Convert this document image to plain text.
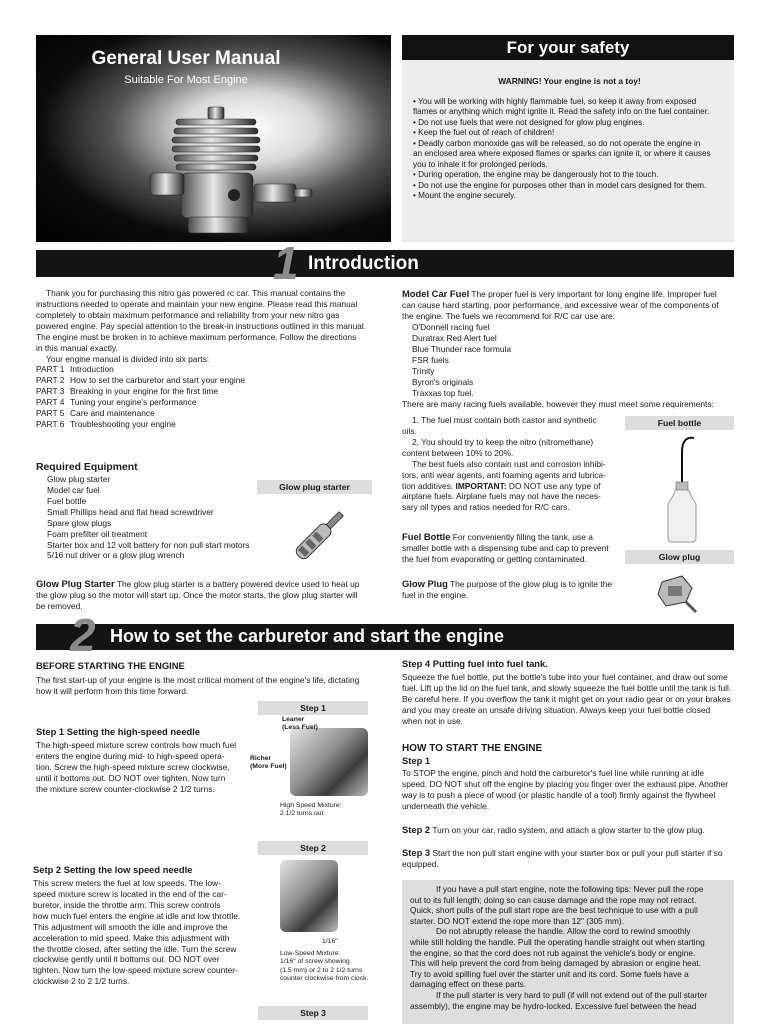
General User Manual
Suitable For Most Engine
For your safety
WARNING! Your engine is not a toy!
• You will be working with highly flammable fuel, so keep it away from exposed
flames or anything which might ignite it. Read the safety info on the fuel container.
• Do not use fuels that were not designed for glow plug engines.
• Keep the fuel out of reach of children!
• Deadly carbon monoxide gas will be released, so do not operate the engine in
an enclosed area where exposed flames or sparks can ignite it, or where it causes
you to inhale it for prolonged periods.
• During operation, the engine may be dangerously hot to the touch.
• Do not use the engine for purposes other than in model cars designed for them.
• Mount the engine securely.
1 Introduction

Thank you for purchasing this nitro gas powered rc car. This manual contains the

instructions needed to operate and maintain your new engine. Please read this manual

completely to obtain maximum performance and reliability from your new nitro gas

powered engine. Pay special attention to the break-in instructions outlined in this manual.

The engine must be broken in to achieve maximum performance. Follow the directions

in this manual exactly.

Your engine manual is divided into six parts:

PART 1 Introduction
PART 2 How to set the carburetor and start your engine
PART 3 Breaking in your engine for the first time
PART 4 Tuning your engine's performance
PART 5 Care and maintenance
PART 6 Troubleshooting your engine
Required Equipment
Glow plug starter
Model car fuel
Fuel bottle
Small Phillips head and flat head screwdriver
Spare glow plugs
Foam prefilter oil treatment
Starter box and 12 volt battery for non pull start motors
5/16 nut driver or a glow plug wrench
Glow plug starter

Glow Plug Starter The glow plug starter is a battery powered device used to heat up

the glow plug so the motor will start up. Once the motor starts, the glow plug starter will

be removed.

Model Car Fuel The proper fuel is very important for long engine life. Improper fuel

can cause hard starting, poor performance, and excessive wear of the components of

the engine. The fuels we recommend for R/C car use are:

O'Donnell racing fuel

Duratrax Red Alert fuel

Blue Thunder race formula

FSR fuels

Trinity

Byron's originals

Traxxas top fuel.

There are many racing fuels available, however they must meet some requirements:

1. The fuel must contain both castor and synthetic

oils.

2. You should try to keep the nitro (nitromethane)

content between 10% to 20%.

The best fuels also contain rust and corrosion inhibi-

tors, anti wear agents, anti foaming agents and lubrica-

tion additives. IMPORTANT: DO NOT use any type of

airplane fuels. Airplane fuels may not have the neces-

sary oil types and ratios needed for R/C cars.

Fuel bottle

Fuel Bottle For conveniently filling the tank, use a

smaller bottle with a dispensing tube and cap to prevent

the fuel from evaporating or getting contaminated.	Glow plug

Glow Plug The purpose of the glow plug is to ignite the

fuel in the engine.

2 How to set the carburetor and start the engine
BEFORE STARTING THE ENGINE

The first start-up of your engine is the most critical moment of the engine's life, dictating

how it will perform from this time forward.

Step 1 Setting the high-speed needle

The high-speed mixture screw controls how much fuel

enters the engine during mid- to high-speed opera-

tion. Screw the high-speed mixture screw clockwise,

until it bottoms out. DO NOT over tighten. Now turn

the mixture screw counter-clockwise 2 1/2 turns.

Step 1
Leaner
(Less Fuel)
Richer
(More Fuel)
High Speed Mixture:
2 1/2 turns out
Setp 2 Setting the low speed needle

This screw meters the fuel at low speeds. The low-

speed mixture screw is located in the end of the car-

buretor, inside the throttle arm. This screw controls

how much fuel enters the engine at idle and low throttle.

This adjustment will smooth the idle and improve the

acceleration to mid speed. Make this adjustment with

the throttle closed, after setting the idle. Turn the screw

clockwise gently until it bottoms out. DO NOT over

tighten. Now turn the low-speed mixture screw counter-

clockwise 2 to 2 1/2 turns.

Step 2
1/16"
Low-Speed Mixture:
1/16" of screw showing
(1.5 mm) or 2 to 2 1/2 turns
counter clockwise from clock.
Step 3
Step 4 Putting fuel into fuel tank.

Squeeze the fuel bottle, put the bottle's tube into your fuel container, and draw out some

fuel. Lift up the lid on the fuel tank, and slowly squeeze the fuel bottle until the tank is full.

Be careful here. If you overflow the tank it might get on your radio gear or on your brakes

and you may create an unsafe driving situation. Always keep your fuel bottle closed

when not in use.

HOW TO START THE ENGINE
Step 1

To STOP the engine, pinch and hold the carburetor's fuel line while running at idle

speed. DO NOT shut off the engine by placing you finger over the exhaust pipe. Another

way is to push a piece of wood (or plastic handle of a tool) firmly against the flywheel

underneath the vehicle.

Step 2 Turn on your car, radio system, and attach a glow starter to the glow plug.

Step 3 Start the non pull start engine with your starter box or pull your pull starter if so

equipped.

If you have a pull start engine, note the following tips: Never pull the rope

out to its full length; doing so can cause damage and the rope may not retract.

Quick, short pulls of the pull start rope are the best technique to use with a pull

starter. DO NOT extend the rope more than 12" (305 mm).

Do not abruptly release the handle. Allow the cord to rewind smoothly

while still holding the handle. Pull the operating handle straight out when starting

the engine, so that the cord does not rub against the vehicle's body or engine.

This will help prevent the cord from being damaged by abrasion or engine heat.

Try to avoid spilling fuel over the starter unit and its cord. Some fuels have a

damaging effect on these parts.

If the pull starter is very hard to pull (if will not extend out of the pull starter

assembly), the engine may be hydro-locked. Excessive fuel between the head
